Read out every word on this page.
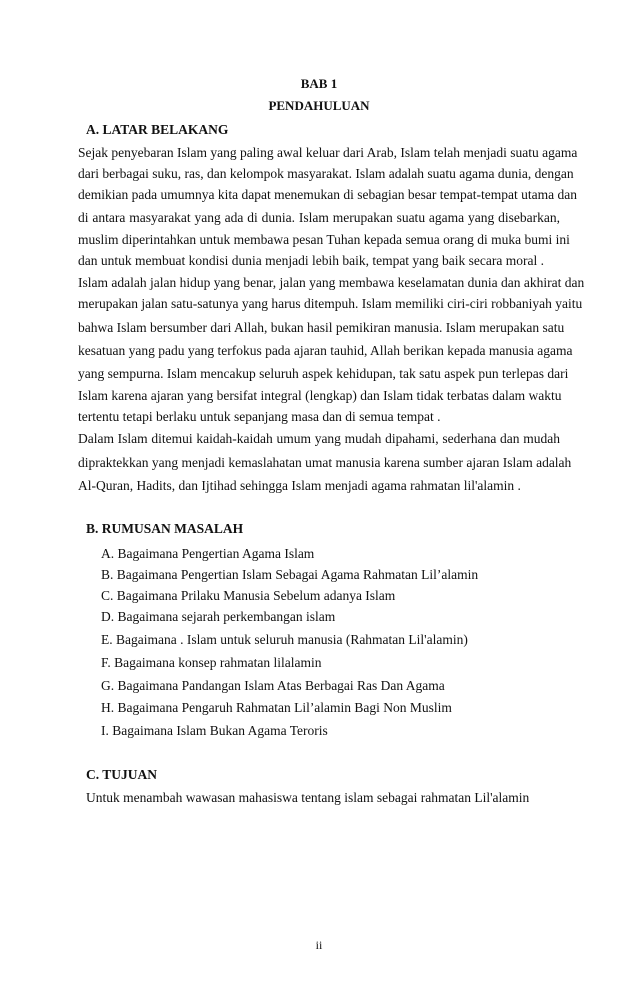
BAB 1
PENDAHULUAN
A. LATAR BELAKANG
Sejak penyebaran Islam yang paling awal keluar dari Arab, Islam telah menjadi suatu agama
dari berbagai suku, ras, dan kelompok masyarakat. Islam adalah suatu agama dunia, dengan
demikian pada umumnya kita dapat menemukan di sebagian besar tempat-tempat utama dan
di antara masyarakat yang ada di dunia. Islam merupakan suatu agama yang disebarkan,
muslim diperintahkan untuk membawa pesan Tuhan kepada semua orang di muka bumi ini
dan untuk membuat kondisi dunia menjadi lebih baik, tempat yang baik secara moral .
Islam adalah jalan hidup yang benar, jalan yang membawa keselamatan dunia dan akhirat dan
merupakan jalan satu-satunya yang harus ditempuh. Islam memiliki ciri-ciri robbaniyah yaitu
bahwa Islam bersumber dari Allah, bukan hasil pemikiran manusia. Islam merupakan satu
kesatuan yang padu yang terfokus pada ajaran tauhid, Allah berikan kepada manusia agama
yang sempurna. Islam mencakup seluruh aspek kehidupan, tak satu aspek pun terlepas dari
Islam karena ajaran yang bersifat integral (lengkap) dan Islam tidak terbatas dalam waktu
tertentu tetapi berlaku untuk sepanjang masa dan di semua tempat .
Dalam Islam ditemui kaidah-kaidah umum yang mudah dipahami, sederhana dan mudah
dipraktekkan yang menjadi kemaslahatan umat manusia karena sumber ajaran Islam adalah
Al-Quran, Hadits, dan Ijtihad sehingga Islam menjadi agama rahmatan lil'alamin .
B. RUMUSAN MASALAH
A. Bagaimana Pengertian Agama Islam
B. Bagaimana Pengertian Islam Sebagai Agama Rahmatan Lil’alamin
C. Bagaimana Prilaku Manusia Sebelum adanya Islam
D. Bagaimana sejarah perkembangan islam
E. Bagaimana . Islam untuk seluruh manusia (Rahmatan Lil'alamin)
F. Bagaimana konsep rahmatan lilalamin
G. Bagaimana Pandangan Islam Atas Berbagai Ras Dan Agama
H. Bagaimana Pengaruh Rahmatan Lil’alamin Bagi Non Muslim
I. Bagaimana Islam Bukan Agama Teroris
C. TUJUAN
Untuk menambah wawasan mahasiswa tentang islam sebagai rahmatan Lil'alamin
ii
